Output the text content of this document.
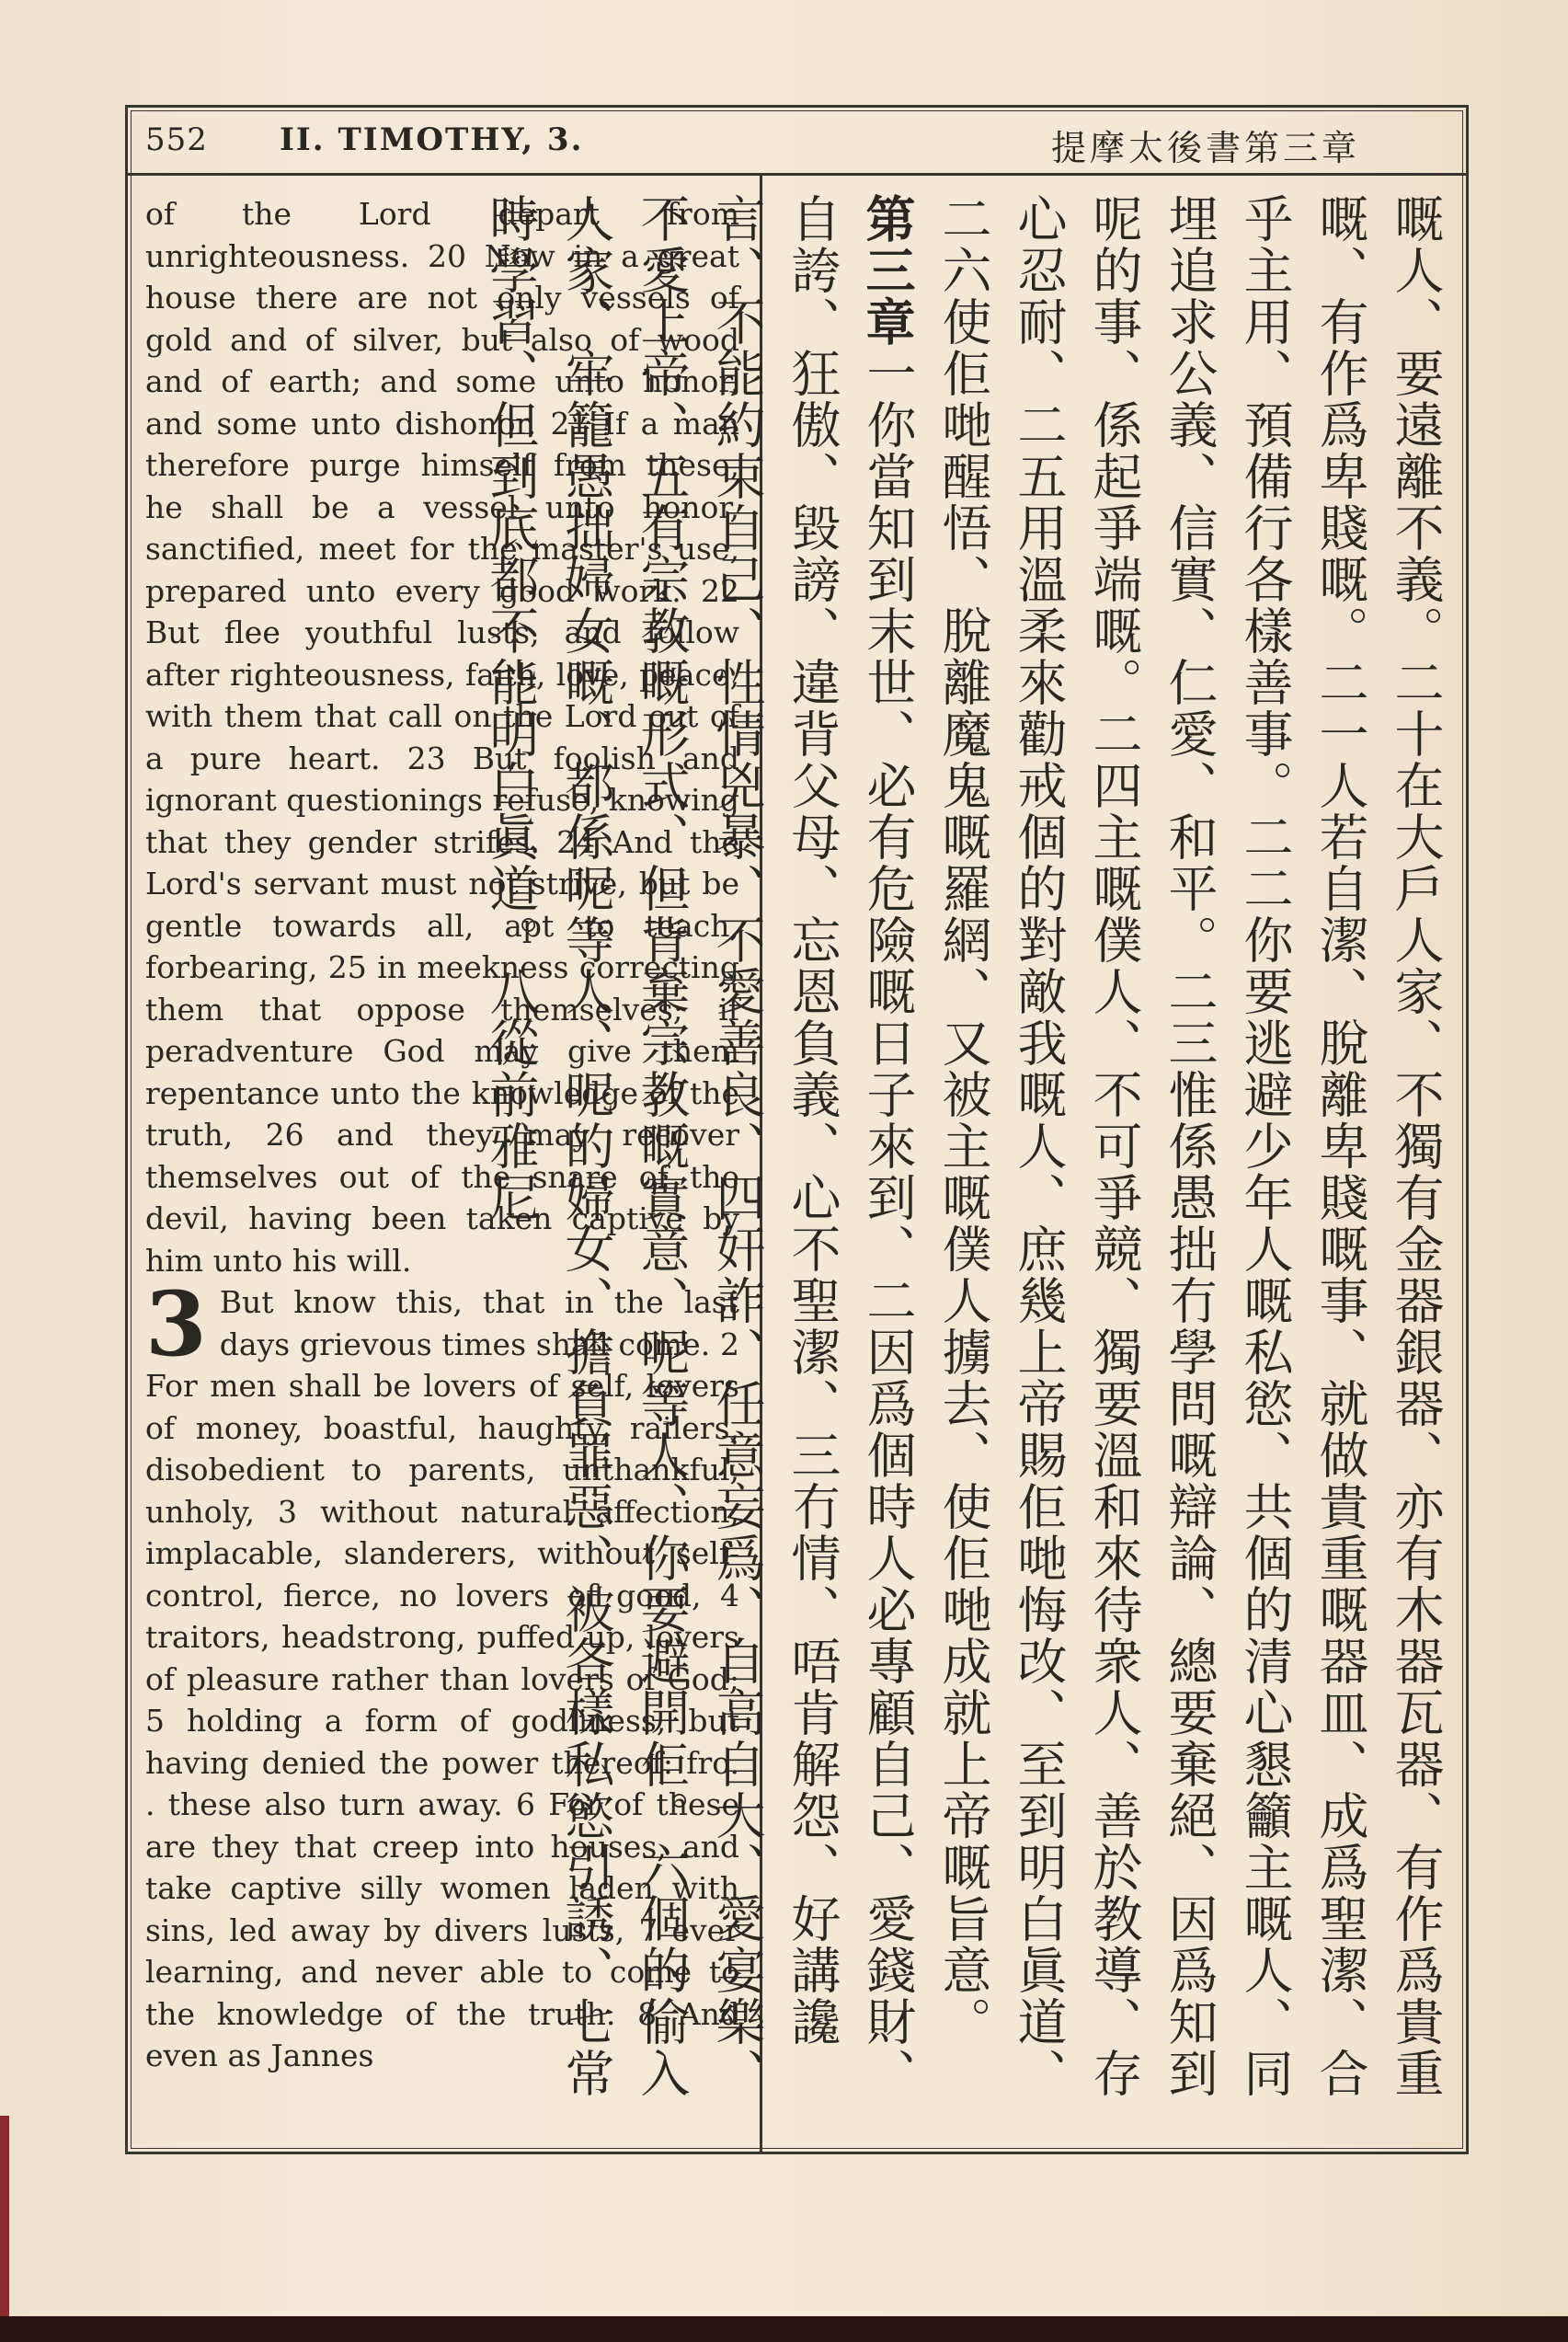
552 II. TIMOTHY, 3.	提摩太後書第三章

of the Lord depart from unrighteousness. 20 Now in a great house there are not only vessels of gold and of silver, but also of wood and of earth; and some unto honor, and some unto dishonor. 21 If a man therefore purge himself from these, he shall be a vessel unto honor, sanctified, meet for the master's use, prepared unto every good work. 22 But flee youthful lusts, and follow after righteousness, faith, love, peace, with them that call on the Lord out of a pure heart. 23 But foolish and ignorant questionings refuse, knowing that they gender strifes. 24 And the Lord's servant must not strive, but be gentle towards all, apt to teach, forbearing, 25 in meekness correcting them that oppose themselves; if peradventure God may give them repentance unto the knowledge of the truth, 26 and they may recover themselves out of the snare of the devil, having been taken captive by him unto his will.

3 But know this, that in the last days grievous times shall come. 2 For men shall be lovers of self, lovers of money, boastful, haughty, railers, disobedient to parents, unthankful, unholy, 3 without natural affection, implacable, slanderers, without self-control, fierce, no lovers of good, 4 traitors, headstrong, puffed up, lovers of pleasure rather than lovers of God; 5 holding a form of godliness, but having denied the power thereof: fro. . these also turn away. 6 For of these are they that creep into houses, and take captive silly women laden with sins, led away by divers lusts, 7 ever learning, and never able to come to the knowledge of the truth. 8 And even as Jannes	嘅人、要遠離不義。二十在大戶人家、不獨有金器銀器、亦有木器瓦器、有作爲貴重嘅、有作爲卑賤嘅。二一人若自潔、脫離卑賤嘅事、就做貴重嘅器皿、成爲聖潔、合乎主用、預備行各樣善事。二二你要逃避少年人嘅私慾、共個的清心懇籲主嘅人、同埋追求公義、信實、仁愛、和平。二三惟係愚拙冇學問嘅辯論、總要棄絕、因爲知到呢的事、係起爭端嘅。二四主嘅僕人、不可爭競、獨要溫和來待衆人、善於教導、存心忍耐、二五用溫柔來勸戒個的對敵我嘅人、庶幾上帝賜佢哋悔改、至到明白眞道、二六使佢哋醒悟、脫離魔鬼嘅羅網、又被主嘅僕人擄去、使佢哋成就上帝嘅旨意。

第三章一你當知到末世、必有危險嘅日子來到、二因爲個時人必專顧自己、愛錢財、自誇、狂傲、毀謗、違背父母、忘恩負義、心不聖潔、三冇情、唔肯解怨、好講讒言、不能約束自己、性情兇暴、不愛善良、四奸詐、任意妄爲、自高自大、愛宴樂、不愛上帝、五有宗教嘅形式、但背棄宗教嘅實意、呢等人、你要避開佢。六個的偷入人家、牢籠愚拙婦女嘅、都係呢等人、呢的婦女、擔負罪惡、被各樣私慾引誘、七常時學習、但到底都不能明白眞道。八從前雅尼
